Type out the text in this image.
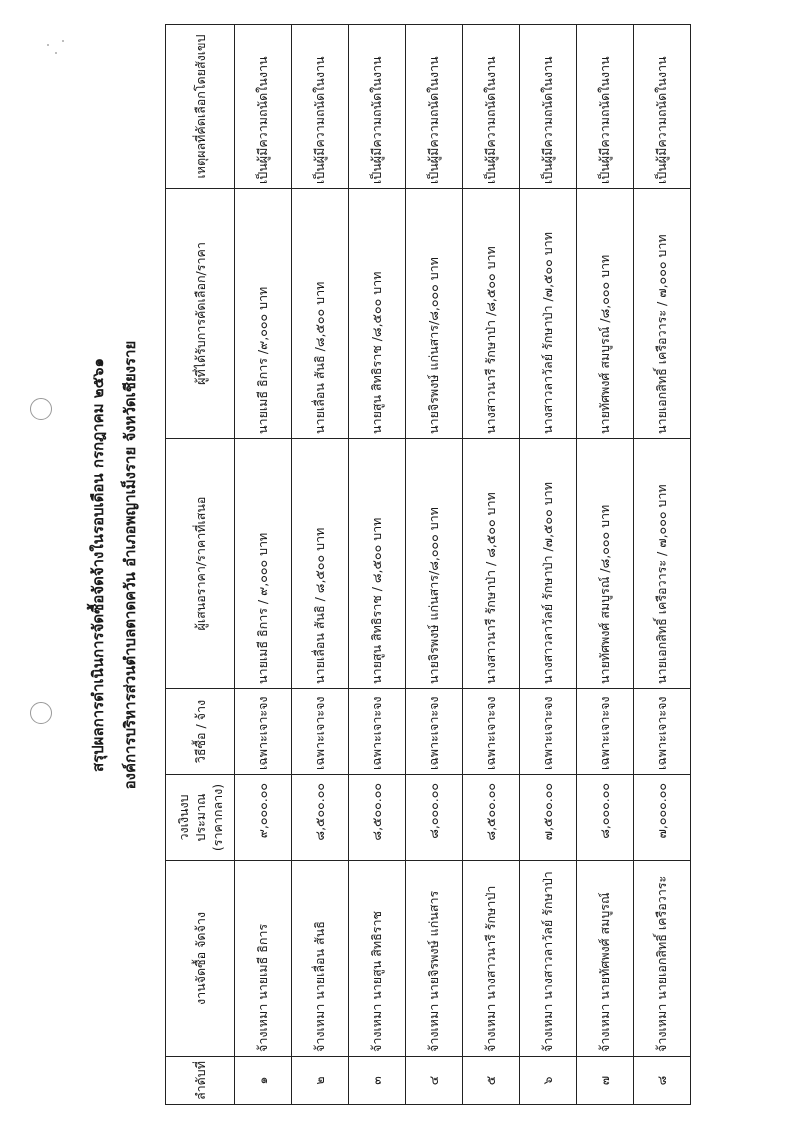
สรุปผลการดำเนินการจัดซื้อจัดจ้างในรอบเดือน กรกฎาคม ๒๕๖๑ องค์การบริหารส่วนตำบลตาดควัน อำเภอพญาเม็งราย จังหวัดเชียงราย
ลำดับที่	งานจัดซื้อ จัดจ้าง	วงเงินงบประมาณ (ราคากลาง)	วิธีซื้อ / จ้าง	ผู้เสนอราคา/ราคาที่เสนอ	ผู้ที่ได้รับการคัดเลือก/ราคา	เหตุผลที่คัดเลือกโดยสังเขป
๑	จ้างเหมา นายเมธี ธิการ	๙,๐๐๐.๐๐	เฉพาะเจาะจง	นายเมธี ธิการ / ๙,๐๐๐ บาท	นายเมธี ธิการ /๙,๐๐๐ บาท	เป็นผู้มีความถนัดในงาน
๒	จ้างเหมา นายเลื่อน สันธิ	๘,๕๐๐.๐๐	เฉพาะเจาะจง	นายเลื่อน สันธิ / ๘,๕๐๐ บาท	นายเลื่อน สันธิ /๘,๕๐๐ บาท	เป็นผู้มีความถนัดในงาน
๓	จ้างเหมา นายสูน สิทธิราช	๘,๕๐๐.๐๐	เฉพาะเจาะจง	นายสูน สิทธิราช / ๘,๕๐๐ บาท	นายสูน สิทธิราช /๘,๕๐๐ บาท	เป็นผู้มีความถนัดในงาน
๔	จ้างเหมา นายจิรพงษ์ แก่นสาร	๘,๐๐๐.๐๐	เฉพาะเจาะจง	นายจิรพงษ์ แก่นสาร/๘,๐๐๐ บาท	นายจิรพงษ์ แก่นสาร/๘,๐๐๐ บาท	เป็นผู้มีความถนัดในงาน
๕	จ้างเหมา นางสาวนารี รักษาป่า	๘,๕๐๐.๐๐	เฉพาะเจาะจง	นางสาวนารี รักษาป่า / ๘,๕๐๐ บาท	นางสาวนารี รักษาป่า /๘,๕๐๐ บาท	เป็นผู้มีความถนัดในงาน
๖	จ้างเหมา นางสาวลาวัลย์ รักษาป่า	๗,๕๐๐.๐๐	เฉพาะเจาะจง	นางสาวลาวัลย์ รักษาป่า /๗,๕๐๐ บาท	นางสาวลาวัลย์ รักษาป่า /๗,๕๐๐ บาท	เป็นผู้มีความถนัดในงาน
๗	จ้างเหมา นายทัศพงศ์ สมบูรณ์	๘,๐๐๐.๐๐	เฉพาะเจาะจง	นายทัศพงศ์ สมบูรณ์ /๘,๐๐๐ บาท	นายทัศพงศ์ สมบูรณ์ /๘,๐๐๐ บาท	เป็นผู้มีความถนัดในงาน
๘	จ้างเหมา นายเอกสิทธิ์ เครือวาระ	๗,๐๐๐.๐๐	เฉพาะเจาะจง	นายเอกสิทธิ์ เครือวาระ / ๗,๐๐๐ บาท	นายเอกสิทธิ์ เครือวาระ / ๗,๐๐๐ บาท	เป็นผู้มีความถนัดในงาน
